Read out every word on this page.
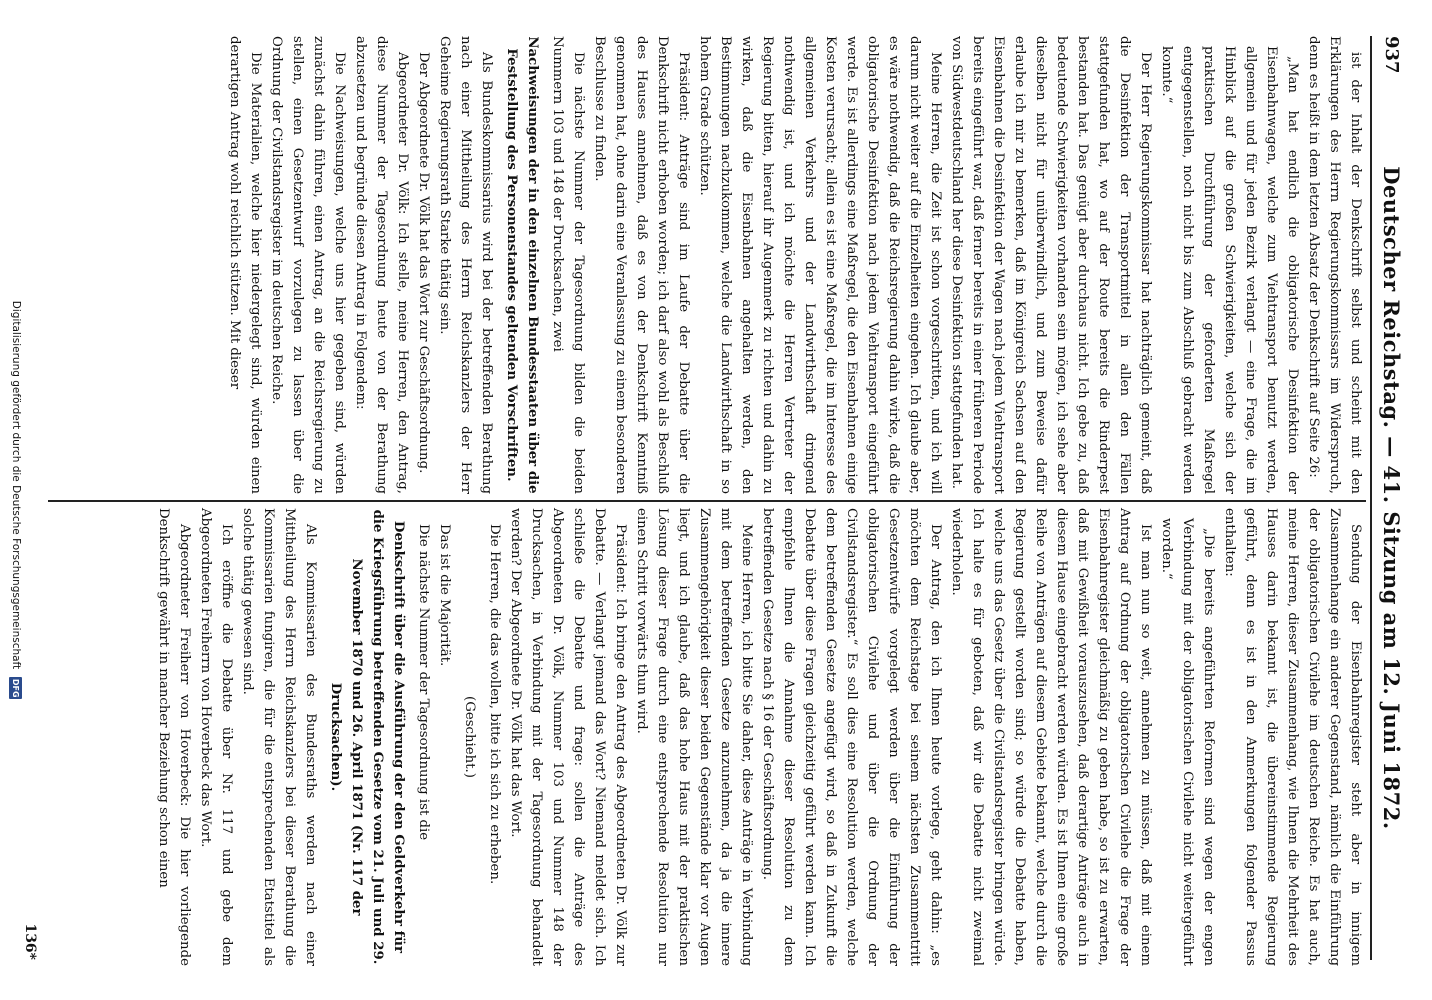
937
Deutscher Reichstag. — 41. Sitzung am 12. Juni 1872.

ist der Inhalt der Denkschrift selbst und scheint mit den Erklärungen des Herrn Regierungskommissars im Widerspruch, denn es heißt in dem letzten Absatz der Denkschrift auf Seite 26:

„Man hat endlich die obligatorische Desinfektion der Eisenbahnwagen, welche zum Viehtransport benutzt werden, allgemein und für jeden Bezirk verlangt — eine Frage, die im Hinblick auf die großen Schwierigkeiten, welche sich der praktischen Durchführung der geforderten Maßregel entgegenstellen, noch nicht bis zum Abschluß gebracht werden konnte.“

Der Herr Regierungskommissar hat nachträglich gemeint, daß die Desinfektion der Transportmittel in allen den Fällen stattgefunden hat, wo auf der Route bereits die Rinderpest bestanden hat. Das genügt aber durchaus nicht. Ich gebe zu, daß bedeutende Schwierigkeiten vorhanden sein mögen, ich sehe aber dieselben nicht für unüberwindlich, und zum Beweise dafür erlaube ich mir zu bemerken, daß im Königreich Sachsen auf den Eisenbahnen die Desinfektion der Wagen nach jedem Viehtransport bereits eingeführt war, daß ferner bereits in einer früheren Periode von Südwestdeutschland her diese Desinfektion stattgefunden hat.

Meine Herren, die Zeit ist schon vorgeschritten, und ich will darum nicht weiter auf die Einzelheiten eingehen. Ich glaube aber, es wäre nothwendig, daß die Reichsregierung dahin wirke, daß die obligatorische Desinfektion nach jedem Viehtransport eingeführt werde. Es ist allerdings eine Maßregel, die den Eisenbahnen einige Kosten verursacht; allein es ist eine Maßregel, die im Interesse des allgemeinen Verkehrs und der Landwirthschaft dringend nothwendig ist, und ich möchte die Herren Vertreter der Regierung bitten, hierauf ihr Augenmerk zu richten und dahin zu wirken, daß die Eisenbahnen angehalten werden, den Bestimmungen nachzukommen, welche die Landwirthschaft in so hohem Grade schützen.

Präsident: Anträge sind im Laufe der Debatte über die Denkschrift nicht erhoben worden; ich darf also wohl als Beschluß des Hauses annehmen, daß es von der Denkschrift Kenntniß genommen hat, ohne darin eine Veranlassung zu einem besonderen Beschlusse zu finden.

Die nächste Nummer der Tagesordnung bilden die beiden Nummern 103 und 148 der Drucksachen, zwei

Nachweisungen der in den einzelnen Bundesstaaten über die Feststellung des Personenstandes geltenden Vorschriften.

Als Bundeskommissarius wird bei der betreffenden Berathung nach einer Mittheilung des Herrn Reichskanzlers der Herr Geheime Regierungsrath Starke thätig sein.

Der Abgeordnete Dr. Völk hat das Wort zur Geschäftsordnung.

Abgeordneter Dr. Völk: Ich stelle, meine Herren, den Antrag, diese Nummer der Tagesordnung heute von der Berathung abzusetzen und begründe diesen Antrag in Folgendem:

Die Nachweisungen, welche uns hier gegeben sind, würden zunächst dahin führen, einen Antrag, an die Reichsregierung zu stellen, einen Gesetzentwurf vorzulegen zu lassen über die Ordnung der Civilstandsregister im deutschen Reiche.

Die Materialien, welche hier niedergelegt sind, würden einen derartigen Antrag wohl reichlich stützen. Mit dieser

Sendung der Eisenbahnregister steht aber in innigem Zusammenhange ein anderer Gegenstand, nämlich die Einführung der obligatorischen Civilehe im deutschen Reiche. Es hat auch, meine Herren, dieser Zusammenhang, wie Ihnen die Mehrheit des Hauses darin bekannt ist, die übereinstimmende Regierung geführt, denn es ist in den Anmerkungen folgender Passus enthalten:

„Die bereits angeführten Reformen sind wegen der engen Verbindung mit der obligatorischen Civilehe nicht weitergeführt worden.“

Ist man nun so weit, annehmen zu müssen, daß mit einem Antrag auf Ordnung der obligatorischen Civilehe die Frage der Eisenbahnregister gleichmäßig zu geben habe, so ist zu erwarten, daß mit Gewißheit vorauszusehen, daß derartige Anträge auch in diesem Hause eingebracht werden würden. Es ist Ihnen eine große Reihe von Anträgen auf diesem Gebiete bekannt, welche durch die Regierung gestellt worden sind; so würde die Debatte haben, welche uns das Gesetz über die Civilstandsregister bringen würde. Ich halte es für geboten, daß wir die Debatte nicht zweimal wiederholen.

Der Antrag, den ich Ihnen heute vorlege, geht dahin: „es möchten dem Reichstage bei seinem nächsten Zusammentritt Gesetzentwürfe vorgelegt werden über die Einführung der obligatorischen Civilehe und über die Ordnung der Civilstandsregister.“ Es soll dies eine Resolution werden, welche dem betreffenden Gesetze angefügt wird, so daß in Zukunft die Debatte über diese Fragen gleichzeitig geführt werden kann. Ich empfehle Ihnen die Annahme dieser Resolution zu dem betreffenden Gesetze nach § 16 der Geschäftsordnung.

Meine Herren, ich bitte Sie daher, diese Anträge in Verbindung mit dem betreffenden Gesetze anzunehmen, da ja die innere Zusammengehörigkeit dieser beiden Gegenstände klar vor Augen liegt, und ich glaube, daß das hohe Haus mit der praktischen Lösung dieser Frage durch eine entsprechende Resolution nur einen Schritt vorwärts thun wird.

Präsident: Ich bringe den Antrag des Abgeordneten Dr. Völk zur Debatte. — Verlangt jemand das Wort? Niemand meldet sich. Ich schließe die Debatte und frage: sollen die Anträge des Abgeordneten Dr. Völk, Nummer 103 und Nummer 148 der Drucksachen, in Verbindung mit der Tagesordnung behandelt werden? Der Abgeordnete Dr. Völk hat das Wort.

Die Herren, die das wollen, bitte ich sich zu erheben.

(Geschieht.)

Das ist die Majorität.

Die nächste Nummer der Tagesordnung ist die

Denkschrift über die Ausführung der den Geldverkehr für die Kriegsführung betreffenden Gesetze vom 21. Juli und 29. November 1870 und 26. April 1871 (Nr. 117 der Drucksachen).

Als Kommissarien des Bundesraths werden nach einer Mittheilung des Herrn Reichskanzlers bei dieser Berathung die Kommissarien fungiren, die für die entsprechenden Etatstitel als solche thätig gewesen sind.

Ich eröffne die Debatte über Nr. 117 und gebe dem Abgeordneten Freiherrn von Hoverbeck das Wort.

Abgeordneter Freiherr von Hoverbeck: Die hier vorliegende Denkschrift gewährt in mancher Beziehung schon einen

136*
Digitalisierung gefördert durch die Deutsche Forschungsgemeinschaft
DFG
